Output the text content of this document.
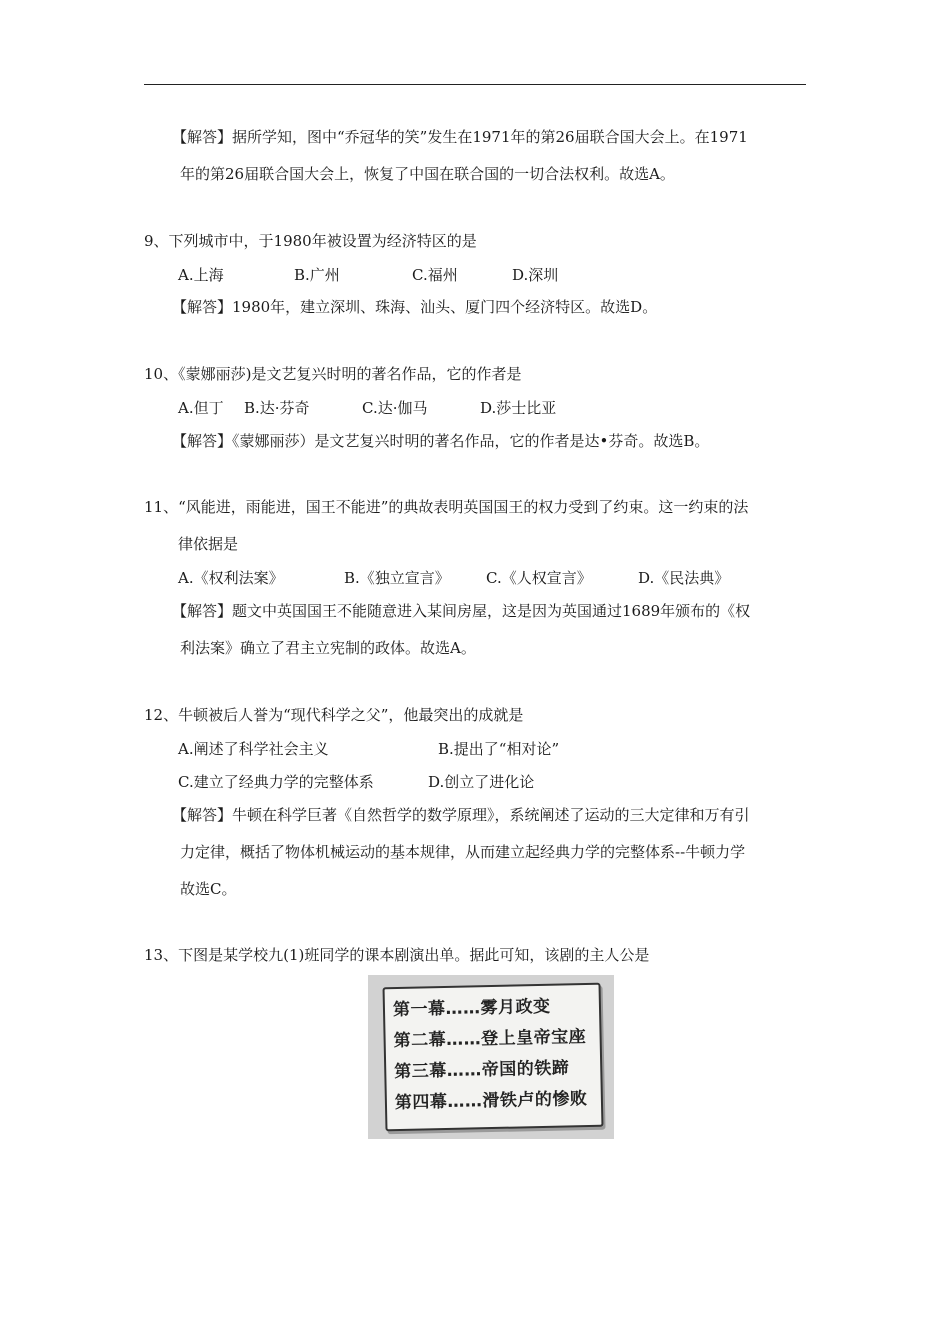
【解答】据所学知，图中“乔冠华的笑”发生在1971年的第26届联合国大会上。在1971
年的第26届联合国大会上，恢复了中国在联合国的一切合法权利。故选A。
9、下列城市中，于1980年被设置为经济特区的是
A.上海	B.广州	C.福州	D.深圳
【解答】1980年，建立深圳、珠海、汕头、厦门四个经济特区。故选D。
10、《蒙娜丽莎)是文艺复兴时明的著名作品，它的作者是
A.但丁 B.达·芬奇	C.达·伽马	D.莎士比亚
【解答】《蒙娜丽莎）是文艺复兴时明的著名作品，它的作者是达•芬奇。故选B。
11、“风能进，雨能进，国王不能进”的典故表明英国国王的权力受到了约束。这一约束的法
律依据是
A.《权利法案》	B.《独立宣言》 C.《人权宣言》	D.《民法典》
【解答】题文中英国国王不能随意进入某间房屋，这是因为英国通过1689年颁布的《权
利法案》确立了君主立宪制的政体。故选A。
12、牛顿被后人誉为“现代科学之父”，他最突出的成就是
A.阐述了科学社会主义	B.提出了“相对论”
C.建立了经典力学的完整体系	D.创立了进化论
【解答】牛顿在科学巨著《自然哲学的数学原理》，系统阐述了运动的三大定律和万有引
力定律，概括了物体机械运动的基本规律，从而建立起经典力学的完整体系--牛顿力学
故选C。
13、下图是某学校九(1)班同学的课本剧演出单。据此可知，该剧的主人公是
第一幕……雾月政变
第二幕……登上皇帝宝座
第三幕……帝国的铁蹄
第四幕……滑铁卢的惨败
